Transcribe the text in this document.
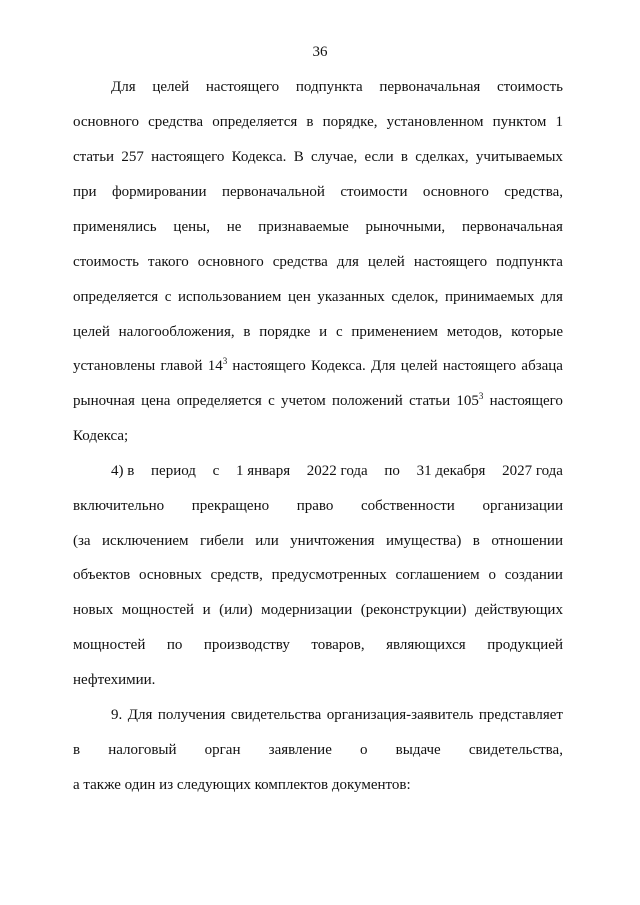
36
Для целей настоящего подпункта первоначальная стоимость
основного средства определяется в порядке, установленном пунктом 1
статьи 257 настоящего Кодекса. В случае, если в сделках, учитываемых
при формировании первоначальной стоимости основного средства,
применялись цены, не признаваемые рыночными, первоначальная
стоимость такого основного средства для целей настоящего подпункта
определяется с использованием цен указанных сделок, принимаемых для
целей налогообложения, в порядке и с применением методов, которые
установлены главой $14^3$ настоящего Кодекса. Для целей настоящего абзаца
рыночная цена определяется с учетом положений статьи $105^3$ настоящего
Кодекса;
4) в период с 1 января 2022 года по 31 декабря 2027 года
включительно прекращено право собственности организации
(за исключением гибели или уничтожения имущества) в отношении
объектов основных средств, предусмотренных соглашением о создании
новых мощностей и (или) модернизации (реконструкции) действующих
мощностей по производству товаров, являющихся продукцией
нефтехимии.
9. Для получения свидетельства организация-заявитель представляет
в налоговый орган заявление о выдаче свидетельства,
а также один из следующих комплектов документов:
